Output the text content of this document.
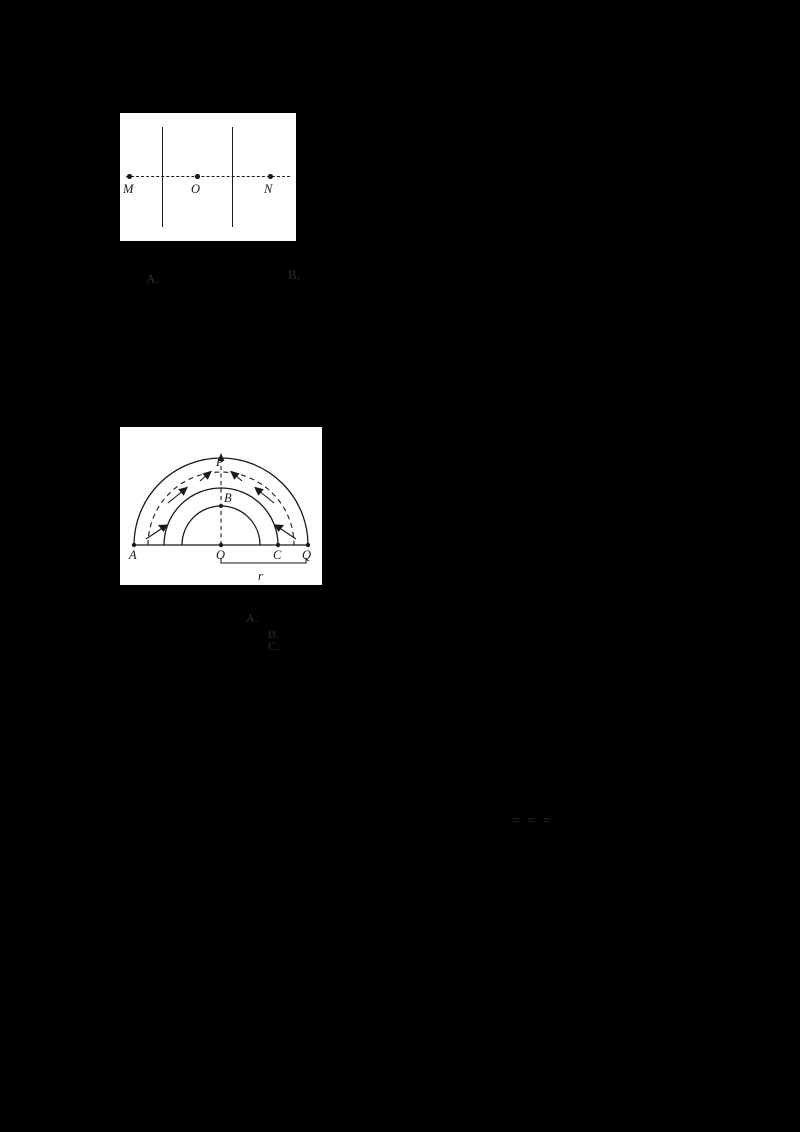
M	O	N
A.	B.
P
B
A	O	C Q
r
A.
B.
C.
= = =
